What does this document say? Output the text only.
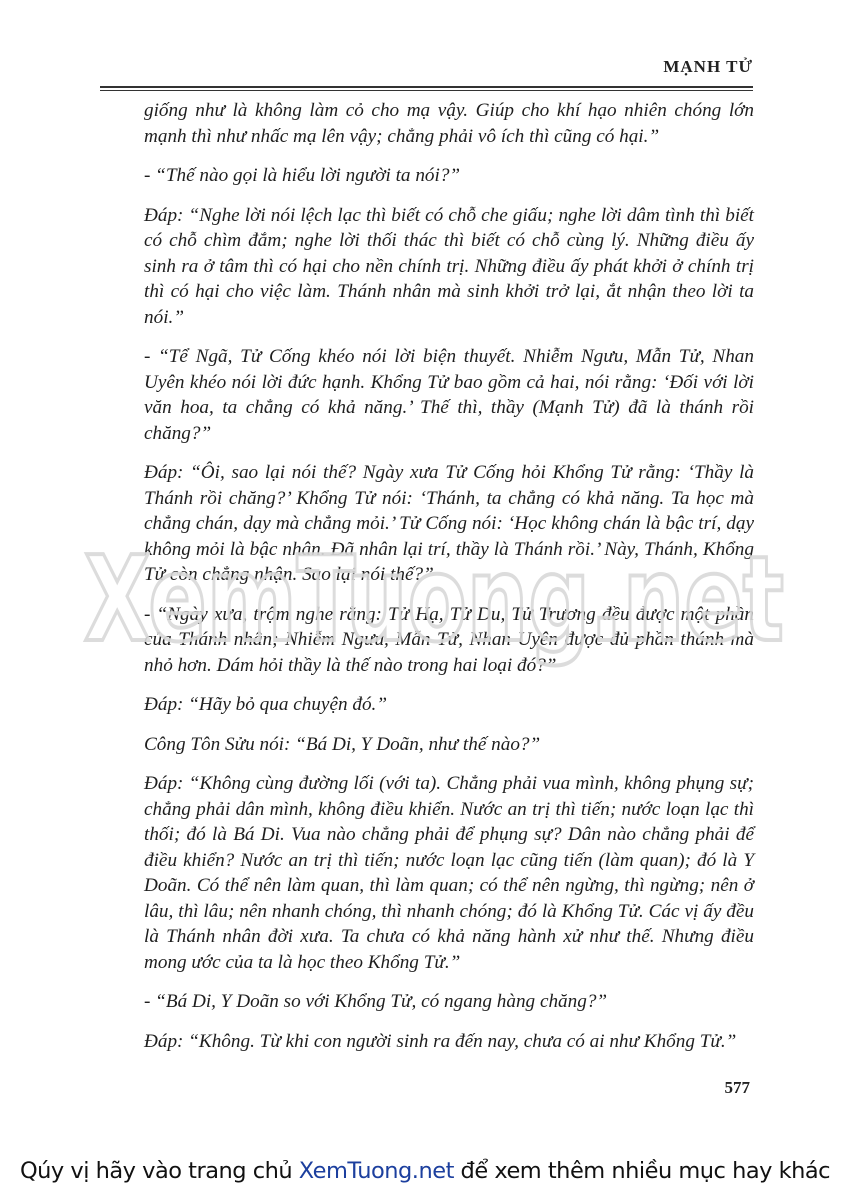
MẠNH TỬ

giống như là không làm cỏ cho mạ vậy. Giúp cho khí hạo nhiên chóng lớn mạnh thì như nhấc mạ lên vậy; chẳng phải vô ích thì cũng có hại.”

- “Thế nào gọi là hiểu lời người ta nói?”

Đáp: “Nghe lời nói lệch lạc thì biết có chỗ che giấu; nghe lời dâm tình thì biết có chỗ chìm đắm; nghe lời thối thác thì biết có chỗ cùng lý. Những điều ấy sinh ra ở tâm thì có hại cho nền chính trị. Những điều ấy phát khởi ở chính trị thì có hại cho việc làm. Thánh nhân mà sinh khởi trở lại, ắt nhận theo lời ta nói.”

- “Tể Ngã, Tử Cống khéo nói lời biện thuyết. Nhiễm Ngưu, Mẫn Tử, Nhan Uyên khéo nói lời đức hạnh. Khổng Tử bao gồm cả hai, nói rằng: ‘Đối với lời văn hoa, ta chẳng có khả năng.’ Thế thì, thầy (Mạnh Tử) đã là thánh rồi chăng?”

Đáp: “Ôi, sao lại nói thế? Ngày xưa Tử Cống hỏi Khổng Tử rằng: ‘Thầy là Thánh rồi chăng?’ Khổng Tử nói: ‘Thánh, ta chẳng có khả năng. Ta học mà chẳng chán, dạy mà chẳng mỏi.’ Tử Cống nói: ‘Học không chán là bậc trí, dạy không mỏi là bậc nhân. Đã nhân lại trí, thầy là Thánh rồi.’ Này, Thánh, Khổng Tử còn chẳng nhận. Sao lại nói thế?”

- “Ngày xưa, trộm nghe rằng: Tử Hạ, Tử Du, Tử Trương đều được một phần của Thánh nhân; Nhiễm Ngưu, Mẫn Tử, Nhan Uyên được đủ phần thánh mà nhỏ hơn. Dám hỏi thầy là thế nào trong hai loại đó?”

Đáp: “Hãy bỏ qua chuyện đó.”

Công Tôn Sửu nói: “Bá Di, Y Doãn, như thế nào?”

Đáp: “Không cùng đường lối (với ta). Chẳng phải vua mình, không phụng sự; chẳng phải dân mình, không điều khiển. Nước an trị thì tiến; nước loạn lạc thì thối; đó là Bá Di. Vua nào chẳng phải để phụng sự? Dân nào chẳng phải để điều khiển? Nước an trị thì tiến; nước loạn lạc cũng tiến (làm quan); đó là Y Doãn. Có thể nên làm quan, thì làm quan; có thể nên ngừng, thì ngừng; nên ở lâu, thì lâu; nên nhanh chóng, thì nhanh chóng; đó là Khổng Tử. Các vị ấy đều là Thánh nhân đời xưa. Ta chưa có khả năng hành xử như thế. Nhưng điều mong ước của ta là học theo Khổng Tử.”

- “Bá Di, Y Doãn so với Khổng Tử, có ngang hàng chăng?”

Đáp: “Không. Từ khi con người sinh ra đến nay, chưa có ai như Khổng Tử.”

XemTuong.net
577
Qúy vị hãy vào trang chủ XemTuong.net để xem thêm nhiều mục hay khác
